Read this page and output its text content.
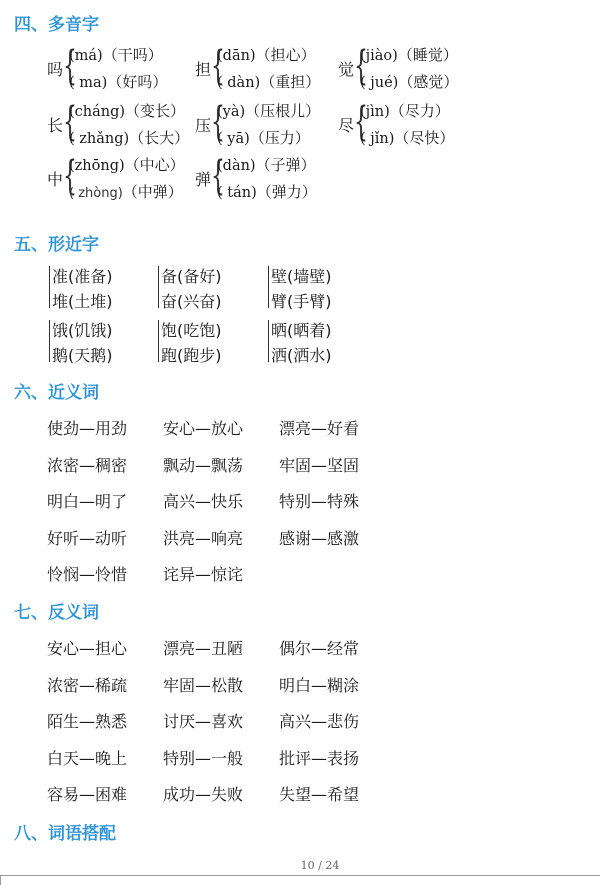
四、多音字
吗 {
(má)（干吗）
( ma)（好吗）
担 {
(dān)（担心）
( dàn)（重担）
觉 {
(jiào)（睡觉）
( jué)（感觉）
长 {
(cháng)（变长）
( zhǎng)（长大）
压 {
(yà)（压根儿）
( yā)（压力）
尽 {
(jìn)（尽力）
( jǐn)（尽快）
中 {
(zhōng)（中心）
( zhòng)（中弹）
弹 {
(dàn)（子弹）
( tán)（弹力）
五、形近字
准(准备)
堆(土堆)
备(备好)
奋(兴奋)
壁(墙壁)
臂(手臂)
饿(饥饿)
鹅(天鹅)
饱(吃饱)
跑(跑步)
晒(晒着)
洒(洒水)
六、近义词
使劲—用劲 安心—放心 漂亮—好看
浓密—稠密 飘动—飘荡 牢固—坚固
明白—明了 高兴—快乐 特别—特殊
好听—动听 洪亮—响亮 感谢—感激
怜悯—怜惜 诧异—惊诧
七、反义词
安心—担心 漂亮—丑陋 偶尔—经常
浓密—稀疏 牢固—松散 明白—糊涂
陌生—熟悉 讨厌—喜欢 高兴—悲伤
白天—晚上 特别—一般 批评—表扬
容易—困难 成功—失败 失望—希望
八、词语搭配
10 / 24
